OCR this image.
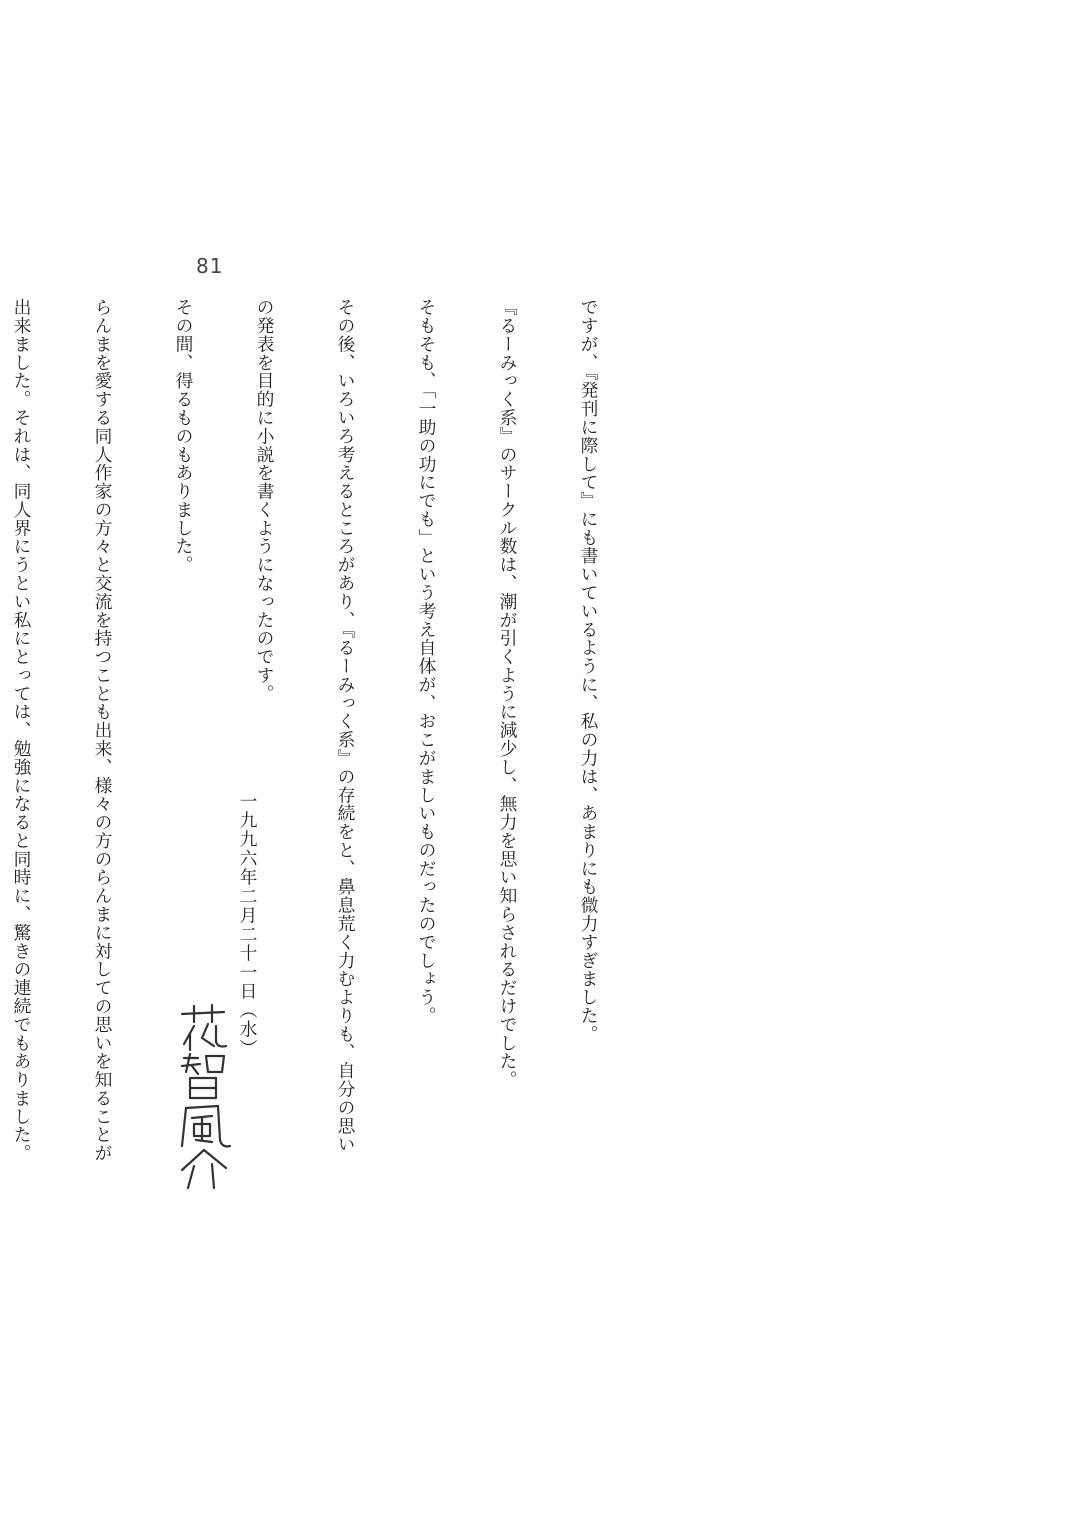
81

ですが、『発刊に際して』にも書いているように、私の力は、あまりにも微力すぎました。

『るーみっく系』のサークル数は、潮が引くように減少し、無力を思い知らされるだけでした。

そもそも、「一助の功にでも」という考え自体が、おこがましいものだったのでしょう。

その後、いろいろ考えるところがあり、『るーみっく系』の存続をと、鼻息荒く力むよりも、自分の思い

の発表を目的に小説を書くようになったのです。

その間、得るものもありました。

らんまを愛する同人作家の方々と交流を持つことも出来、様々の方のらんまに対しての思いを知ることが

出来ました。それは、同人界にうとい私にとっては、勉強になると同時に、驚きの連続でもありました。

	一九九六年二月二十一日（水）
